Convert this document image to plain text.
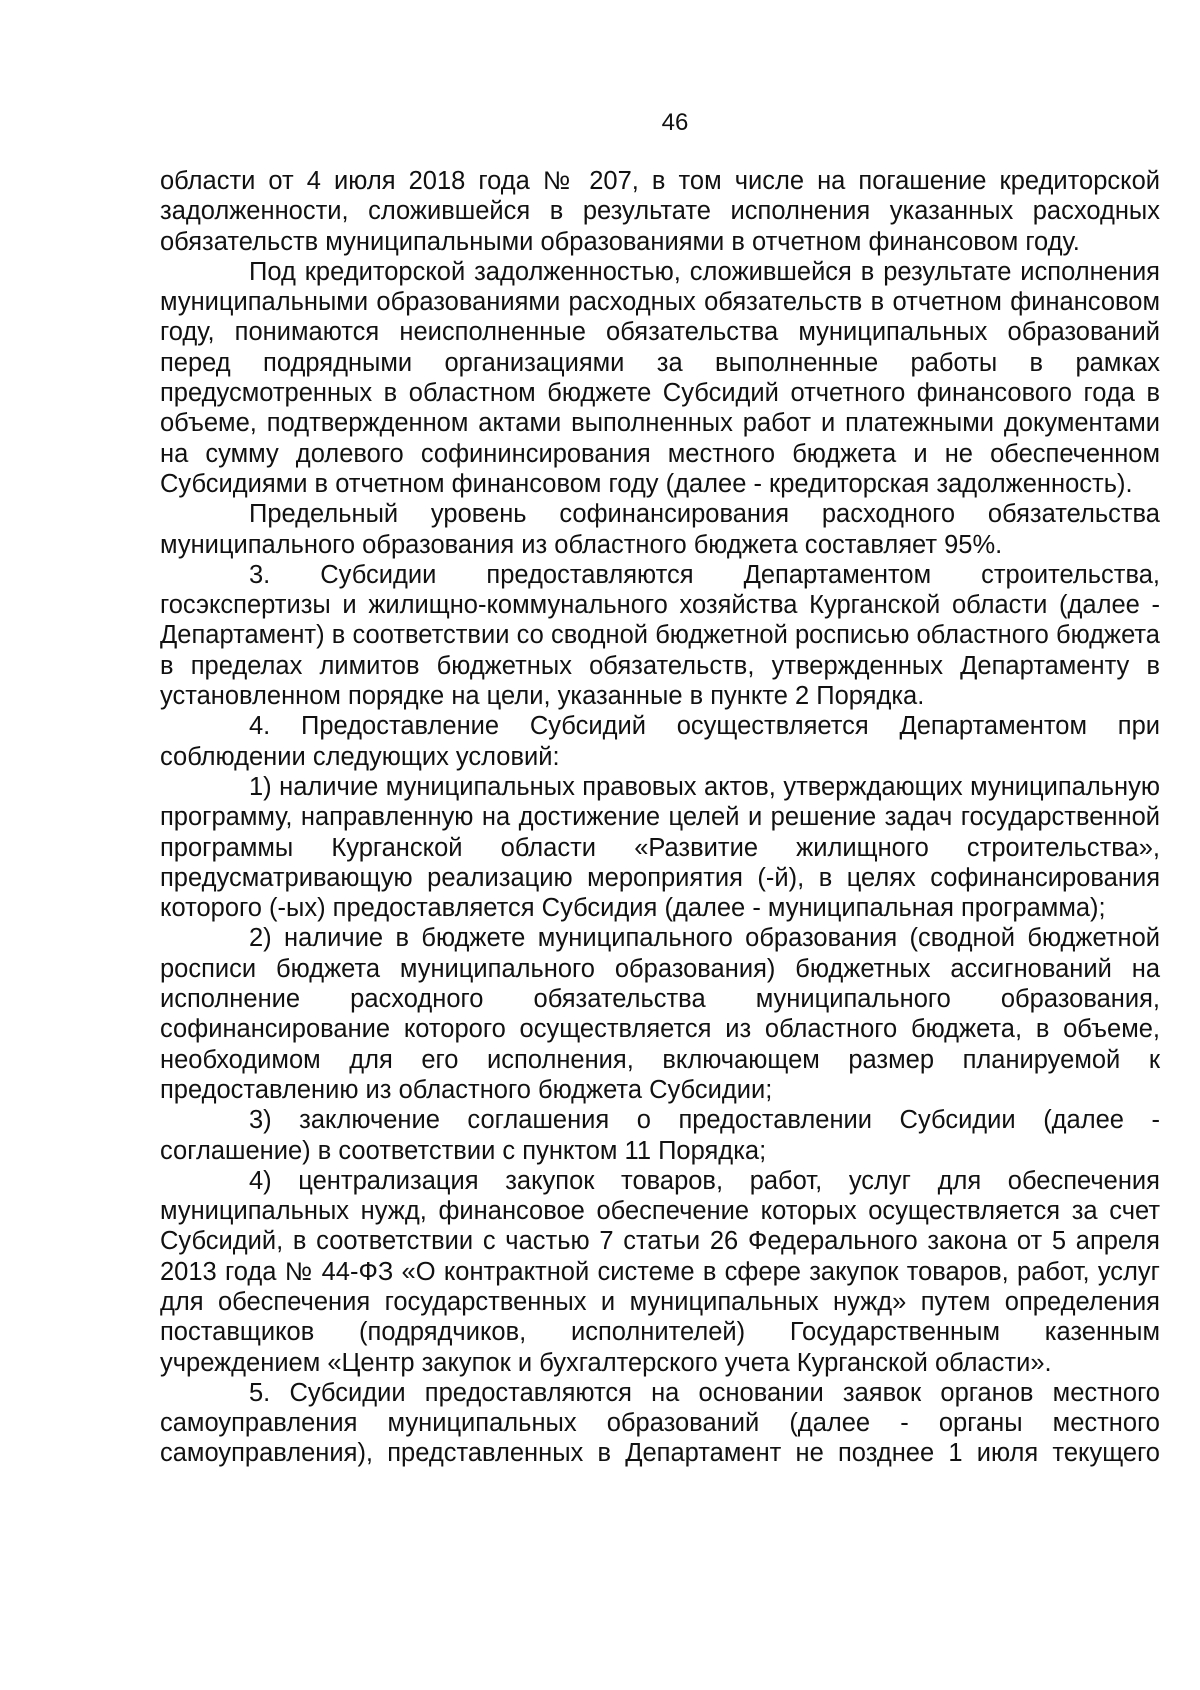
46

области от 4 июля 2018 года № 207, в том числе на погашение кредиторской задолженности, сложившейся в результате исполнения указанных расходных обязательств муниципальными образованиями в отчетном финансовом году.

Под кредиторской задолженностью, сложившейся в результате исполнения муниципальными образованиями расходных обязательств в отчетном финансовом году, понимаются неисполненные обязательства муниципальных образований перед подрядными организациями за выполненные работы в рамках предусмотренных в областном бюджете Субсидий отчетного финансового года в объеме, подтвержденном актами выполненных работ и платежными документами на сумму долевого софининсирования местного бюджета и не обеспеченном Субсидиями в отчетном финансовом году (далее - кредиторская задолженность).

Предельный уровень софинансирования расходного обязательства муниципального образования из областного бюджета составляет 95%.

3. Субсидии предоставляются Департаментом строительства, госэкспертизы и жилищно-коммунального хозяйства Курганской области (далее - Департамент) в соответствии со сводной бюджетной росписью областного бюджета в пределах лимитов бюджетных обязательств, утвержденных Департаменту в установленном порядке на цели, указанные в пункте 2 Порядка.

4. Предоставление Субсидий осуществляется Департаментом при соблюдении следующих условий:

1) наличие муниципальных правовых актов, утверждающих муниципальную программу, направленную на достижение целей и решение задач государственной программы Курганской области «Развитие жилищного строительства», предусматривающую реализацию мероприятия (-й), в целях софинансирования которого (-ых) предоставляется Субсидия (далее - муниципальная программа);

2) наличие в бюджете муниципального образования (сводной бюджетной росписи бюджета муниципального образования) бюджетных ассигнований на исполнение расходного обязательства муниципального образования, софинансирование которого осуществляется из областного бюджета, в объеме, необходимом для его исполнения, включающем размер планируемой к предоставлению из областного бюджета Субсидии;

3) заключение соглашения о предоставлении Субсидии (далее - соглашение) в соответствии с пунктом 11 Порядка;

4) централизация закупок товаров, работ, услуг для обеспечения муниципальных нужд, финансовое обеспечение которых осуществляется за счет Субсидий, в соответствии с частью 7 статьи 26 Федерального закона от 5 апреля 2013 года № 44-ФЗ «О контрактной системе в сфере закупок товаров, работ, услуг для обеспечения государственных и муниципальных нужд» путем определения поставщиков (подрядчиков, исполнителей) Государственным казенным учреждением «Центр закупок и бухгалтерского учета Курганской области».

5. Субсидии предоставляются на основании заявок органов местного самоуправления муниципальных образований (далее - органы местного самоуправления), представленных в Департамент не позднее 1 июля текущего
